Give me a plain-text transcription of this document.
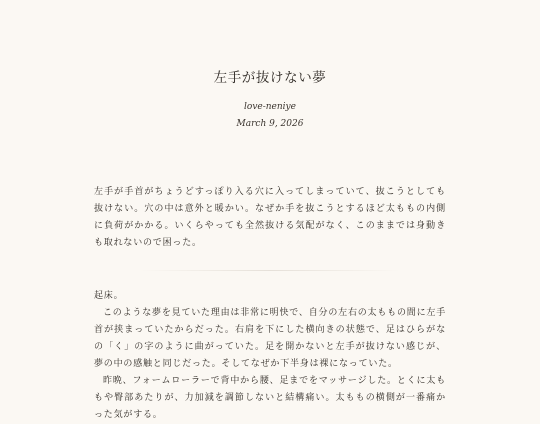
左手が抜けない夢
love-neniye
March 9, 2026
左手が手首がちょうどすっぽり入る穴に入ってしまっていて、抜こうとしても抜けない。穴の中は意外と暖かい。なぜか手を抜こうとするほど太ももの内側に負荷がかかる。いくらやっても全然抜ける気配がなく、このままでは身動きも取れないので困った。

起床。

このような夢を見ていた理由は非常に明快で、自分の左右の太ももの間に左手首が挟まっていたからだった。右肩を下にした横向きの状態で、足はひらがなの「く」の字のように曲がっていた。足を開かないと左手が抜けない感じが、夢の中の感触と同じだった。そしてなぜか下半身は裸になっていた。

昨晩、フォームローラーで背中から腰、足までをマッサージした。とくに太ももや臀部あたりが、力加減を調節しないと結構痛い。太ももの横側が一番痛かった気がする。
